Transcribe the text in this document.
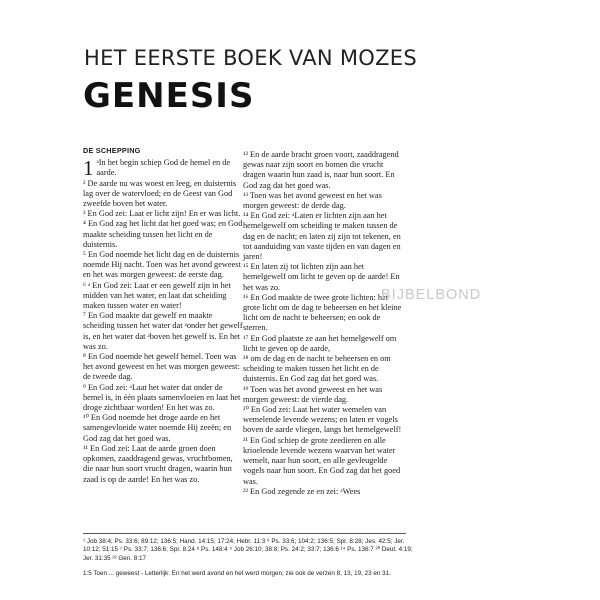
HET EERSTE BOEK VAN MOZES
GENESIS
DE SCHEPPING
1 ᵃIn het begin schiep God de hemel en de aarde.

² De aarde nu was woest en leeg, en duisternis lag over de watervloed; en de Geest van God zweefde boven het water.

³ En God zei: Laat er licht zijn! En er was licht.

⁴ En God zag het licht dat het goed was; en God maakte scheiding tussen het licht en de duisternis.

⁵ En God noemde het licht dag en de duisternis noemde Hij nacht. Toen was het avond geweest en het was morgen geweest: de eerste dag.

⁶ ᵃ En God zei: Laat er een gewelf zijn in het midden van het water, en laat dat scheiding maken tussen water en water!

⁷ En God maakte dat gewelf en maakte scheiding tussen het water dat ᵃonder het gewelf is, en het water dat ᵃboven het gewelf is. En het was zo.

⁸ En God noemde het gewelf hemel. Toen was het avond geweest en het was morgen geweest: de tweede dag.

⁹ En God zei: ᵃLaat het water dat onder de hemel is, in één plaats samenvloeien en laat het droge zichtbaar worden! En het was zo.

¹⁰ En God noemde het droge aarde en het samengevloeide water noemde Hij zeeën; en God zag dat het goed was.

¹¹ En God zei: Laat de aarde groen doen opkomen, zaaddragend gewas, vruchtbomen, die naar hun soort vrucht dragen, waarin hun zaad is op de aarde! En het was zo.

¹² En de aarde bracht groen voort, zaaddragend gewas naar zijn soort en bomen die vrucht dragen waarin hun zaad is, naar hun soort. En God zag dat het goed was.

¹³ Toen was het avond geweest en het was morgen geweest: de derde dag.

¹⁴ En God zei: ᵃLaten er lichten zijn aan het hemelgewelf om scheiding te maken tussen de dag en de nacht; en laten zij zijn tot tekenen, en tot aanduiding van vaste tijden en van dagen en jaren!

¹⁵ En laten zij tot lichten zijn aan het hemelgewelf om licht te geven op de aarde! En het was zo.

¹⁶ En God maakte de twee grote lichten: het grote licht om de dag te beheersen en het kleine licht om de nacht te beheersen; en ook de sterren.

¹⁷ En God plaatste ze aan het hemelgewelf om licht te geven op de aarde,

¹⁸ om de dag en de nacht te beheersen en om scheiding te maken tussen het licht en de duisternis. En God zag dat het goed was.

¹⁹ Toen was het avond geweest en het was morgen geweest: de vierde dag.

²⁰ En God zei: Laat het water wemelen van wemelende levende wezens; en laten er vogels boven de aarde vliegen, langs het hemelgewelf!

²¹ En God schiep de grote zeedieren en alle krioelende levende wezens waarvan het water wemelt, naar hun soort, en alle gevleugelde vogels naar hun soort. En God zag dat het goed was.

²² En God zegende ze en zei: ᵃWees

BIJBELBOND
¹ Job 38:4; Ps. 33:6; 89:12; 136:5; Hand. 14:15; 17:24; Hebr. 11:3 ⁶ Ps. 33:6; 104:2; 136:5; Spr. 8:28; Jes. 42:5; Jer. 10:12; 51:15 ⁷ Ps. 33:7; 136:6; Spr. 8:24 ⁸ Ps. 148:4 ⁹ Job 26:10; 38:8; Ps. 24:2; 33:7; 136:6 ¹⁴ Ps. 136:7 ²⁰ Deut. 4:19; Jer. 31:35 ²² Gen. 8:17
1:5 Toen ... geweest - Letterlijk: En het werd avond en het werd morgen; zie ook de verzen 8, 13, 19, 23 en 31.
